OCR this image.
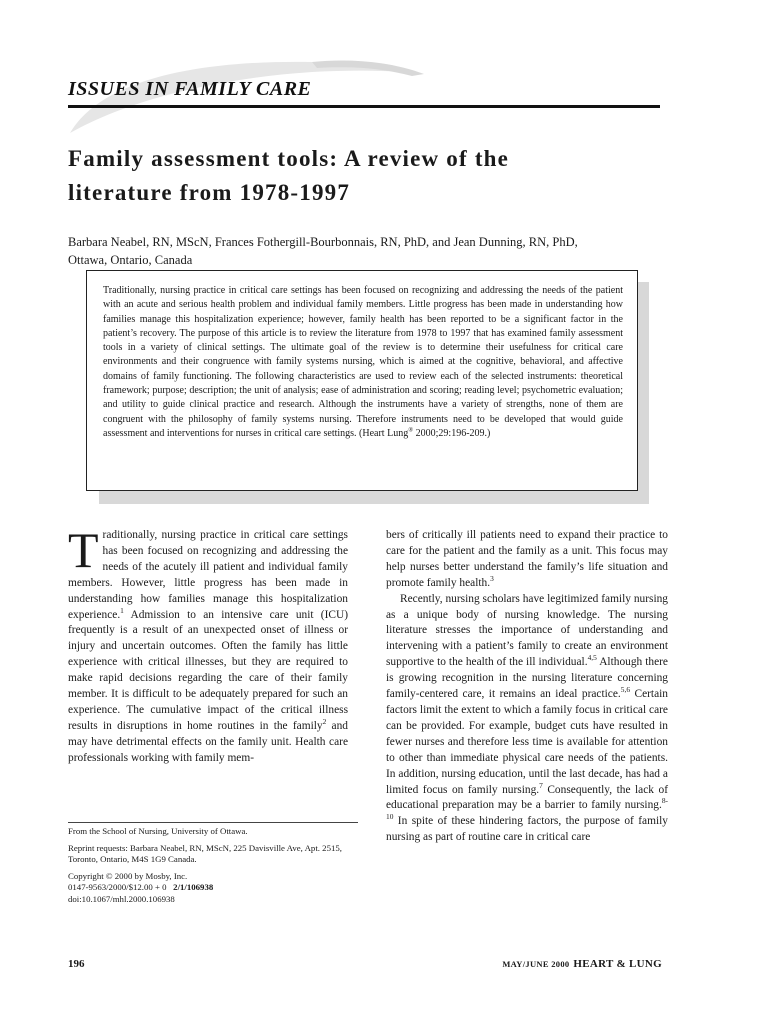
ISSUES IN FAMILY CARE
Family assessment tools: A review of the
literature from 1978-1997
Barbara Neabel, RN, MScN, Frances Fothergill-Bourbonnais, RN, PhD, and Jean Dunning, RN, PhD,
Ottawa, Ontario, Canada
Traditionally, nursing practice in critical care settings has been focused on recognizing and addressing the needs of the patient with an acute and serious health problem and individual family members. Little progress has been made in understanding how families manage this hospitalization experience; however, family health has been reported to be a significant factor in the patient’s recovery. The purpose of this article is to review the literature from 1978 to 1997 that has examined family assessment tools in a variety of clinical settings. The ultimate goal of the review is to determine their usefulness for critical care environments and their congruence with family systems nursing, which is aimed at the cognitive, behavioral, and affective domains of family functioning. The following characteristics are used to review each of the selected instruments: theoretical framework; purpose; description; the unit of analysis; ease of administration and scoring; reading level; psychometric evaluation; and utility to guide clinical practice and research. Although the instruments have a variety of strengths, none of them are congruent with the philosophy of family systems nursing. Therefore instruments need to be developed that would guide assessment and interventions for nurses in critical care settings. (Heart Lung® 2000;29:196-209.)

Traditionally, nursing practice in critical care settings has been focused on recognizing and addressing the needs of the acutely ill patient and individual family members. However, little progress has been made in understanding how families manage this hospitalization experience.$^1$ Admission to an intensive care unit (ICU) frequently is a result of an unexpected onset of illness or injury and uncertain outcomes. Often the family has little experience with critical illnesses, but they are required to make rapid decisions regarding the care of their family member. It is difficult to be adequately prepared for such an experience. The cumulative impact of the critical illness results in disruptions in home routines in the family$^2$ and may have detrimental effects on the family unit. Health care professionals working with family mem-

bers of critically ill patients need to expand their practice to care for the patient and the family as a unit. This focus may help nurses better understand the family’s life situation and promote family health.$^3$

Recently, nursing scholars have legitimized family nursing as a unique body of nursing knowledge. The nursing literature stresses the importance of understanding and intervening with a patient’s family to create an environment supportive to the health of the ill individual.$^{4,5}$ Although there is growing recognition in the nursing literature concerning family-centered care, it remains an ideal practice.$^{5,6}$ Certain factors limit the extent to which a family focus in critical care can be provided. For example, budget cuts have resulted in fewer nurses and therefore less time is available for attention to other than immediate physical care needs of the patients. In addition, nursing education, until the last decade, has had a limited focus on family nursing.$^7$ Consequently, the lack of educational preparation may be a barrier to family nursing.$^{8-10}$ In spite of these hindering factors, the purpose of family nursing as part of routine care in critical care

From the School of Nursing, University of Ottawa.

Reprint requests: Barbara Neabel, RN, MScN, 225 Davisville Ave, Apt. 2515, Toronto, Ontario, M4S 1G9 Canada.

Copyright © 2000 by Mosby, Inc.
0147-9563/2000/$12.00 + 0 2/1/106938
doi:10.1067/mhl.2000.106938

196	MAY/JUNE 2000 HEART & LUNG
